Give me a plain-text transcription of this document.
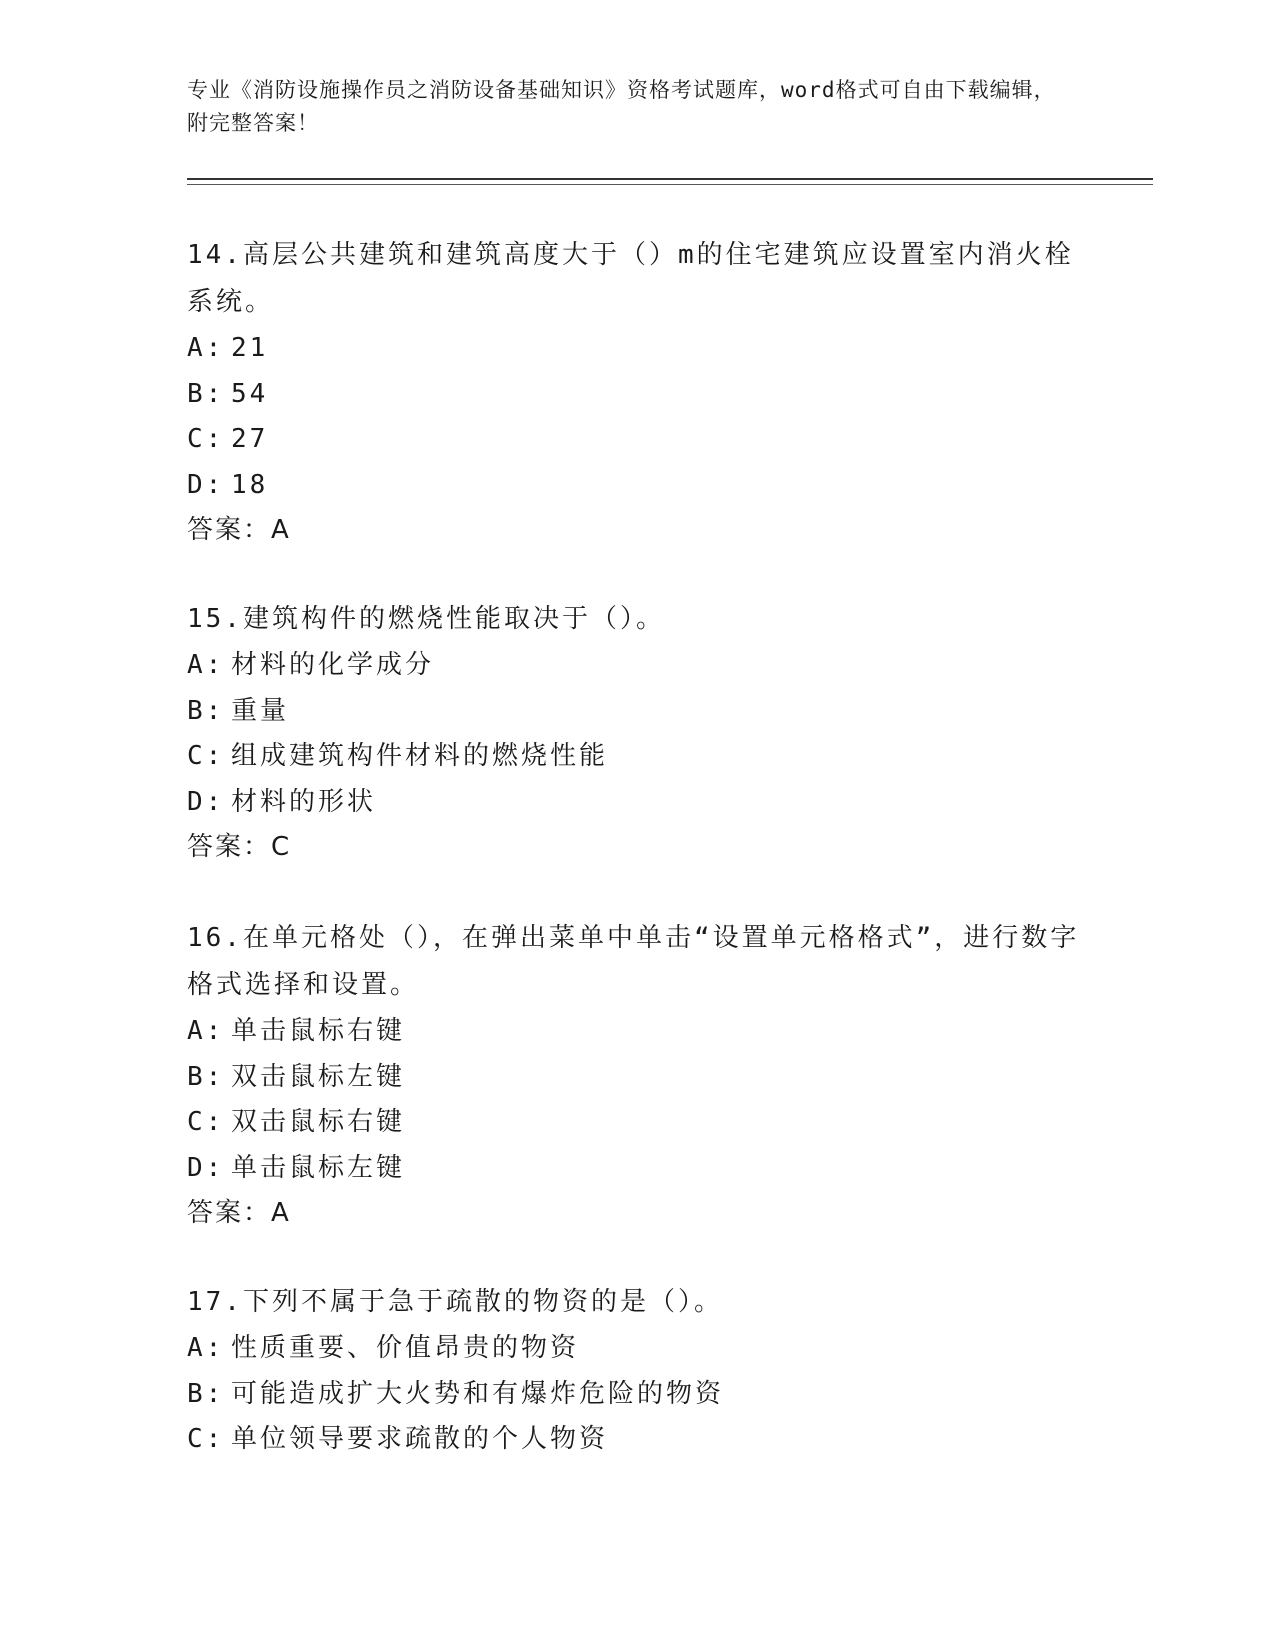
专业《消防设施操作员之消防设备基础知识》资格考试题库，word格式可自由下载编辑，附完整答案！

14.高层公共建筑和建筑高度大于（）m的住宅建筑应设置室内消火栓系统。

A: 21

B: 54

C: 27

D: 18

答案：A

15.建筑构件的燃烧性能取决于（）。

A: 材料的化学成分

B: 重量

C: 组成建筑构件材料的燃烧性能

D: 材料的形状

答案：C

16.在单元格处（），在弹出菜单中单击“设置单元格格式”，进行数字格式选择和设置。

A: 单击鼠标右键

B: 双击鼠标左键

C: 双击鼠标右键

D: 单击鼠标左键

答案：A

17.下列不属于急于疏散的物资的是（）。

A: 性质重要、价值昂贵的物资

B: 可能造成扩大火势和有爆炸危险的物资

C: 单位领导要求疏散的个人物资
